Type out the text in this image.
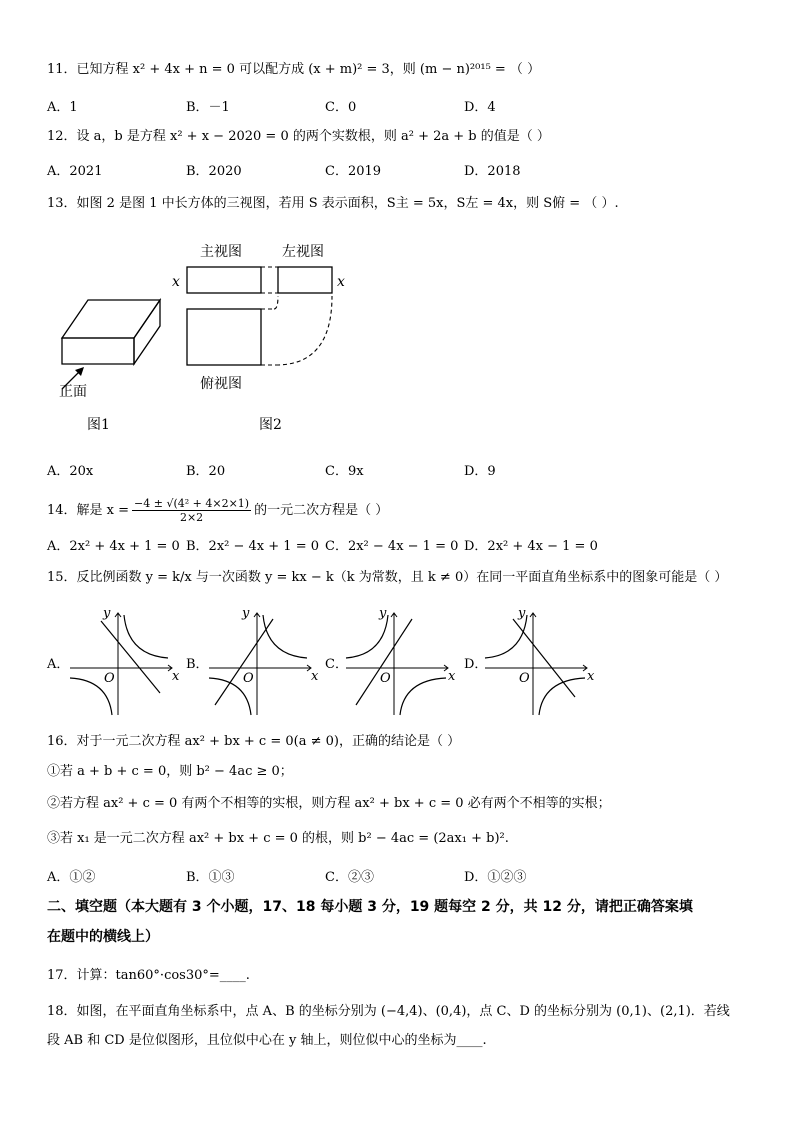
11．已知方程 x² + 4x + n = 0 可以配方成 (x + m)² = 3，则 (m − n)²⁰¹⁵ = （ ）
A．1	B．－1	C．0	D．4
12．设 a，b 是方程 x² + x − 2020 = 0 的两个实数根，则 a² + 2a + b 的值是（ ）
A．2021	B．2020	C．2019	D．2018
13．如图 2 是图 1 中长方体的三视图，若用 S 表示面积，S主 = 5x，S左 = 4x，则 S俯 = （ ）.
正面
图1
主视图	左视图
x	x
俯视图
图2
A．20x	B．20	C．9x	D．9
14．解是 $x = \frac{\text{−4 ± √(4² + 4×2×1)}}{2\times 2}$ 的一元二次方程是（ ）
A．2x² + 4x + 1 = 0 B．2x² − 4x + 1 = 0 C．2x² − 4x − 1 = 0 D．2x² + 4x − 1 = 0
15．反比例函数 y = k/x 与一次函数 y = kx − k（k 为常数，且 k ≠ 0）在同一平面直角坐标系中的图象可能是（ ）
A．	B．	C．	D．
x
y
O	x
y
O	x
y
O	x
y
O
16．对于一元二次方程 ax² + bx + c = 0(a ≠ 0)，正确的结论是（ ）
①若 a + b + c = 0，则 b² − 4ac ≥ 0；
②若方程 ax² + c = 0 有两个不相等的实根，则方程 ax² + bx + c = 0 必有两个不相等的实根；
③若 x₁ 是一元二次方程 ax² + bx + c = 0 的根，则 b² − 4ac = (2ax₁ + b)².
A．①②	B．①③	C．②③	D．①②③
二、填空题（本大题有 3 个小题，17、18 每小题 3 分，19 题每空 2 分，共 12 分，请把正确答案填
在题中的横线上）
17．计算：tan60°·cos30°=____.
18．如图，在平面直角坐标系中，点 A、B 的坐标分别为 (−4,4)、(0,4)，点 C、D 的坐标分别为 (0,1)、(2,1)．若线
段 AB 和 CD 是位似图形，且位似中心在 y 轴上，则位似中心的坐标为____.
